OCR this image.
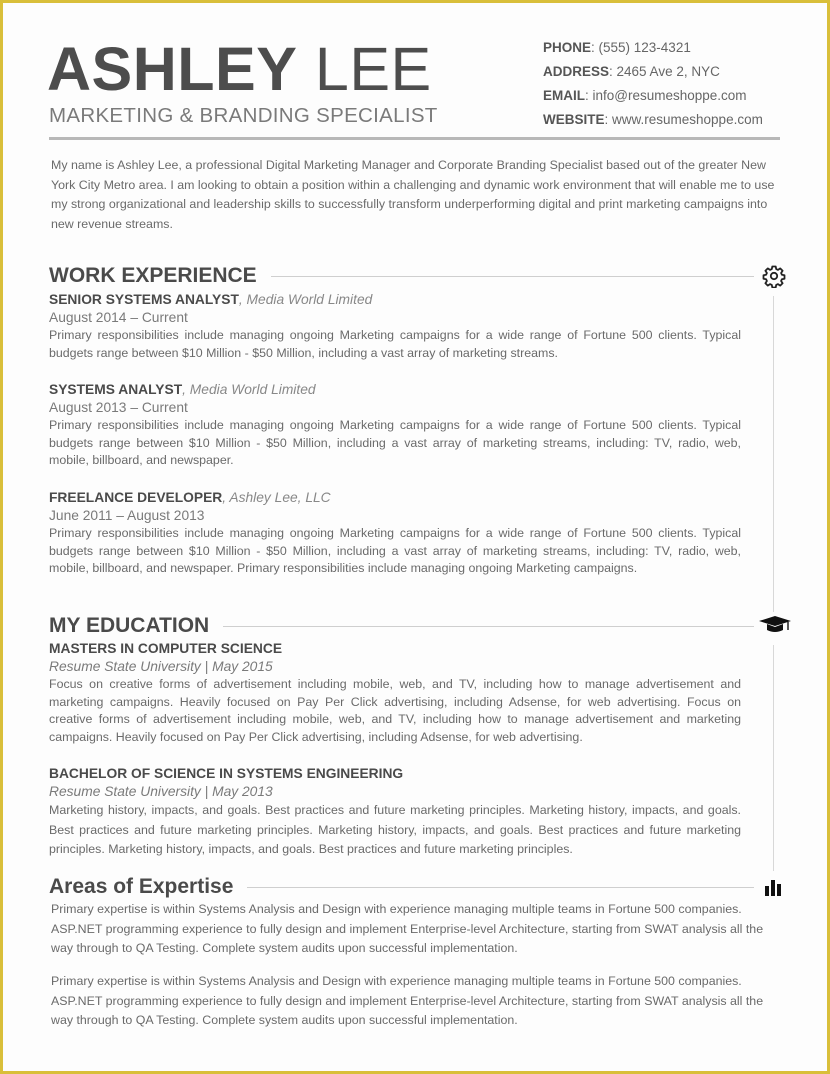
ASHLEY LEE
MARKETING & BRANDING SPECIALIST
PHONE: (555) 123-4321
ADDRESS: 2465 Ave 2, NYC
EMAIL: info@resumeshoppe.com
WEBSITE: www.resumeshoppe.com

My name is Ashley Lee, a professional Digital Marketing Manager and Corporate Branding Specialist based out of the greater New York City Metro area. I am looking to obtain a position within a challenging and dynamic work environment that will enable me to use my strong organizational and leadership skills to successfully transform underperforming digital and print marketing campaigns into new revenue streams.

WORK EXPERIENCE
SENIOR SYSTEMS ANALYST, Media World Limited
August 2014 – Current
Primary responsibilities include managing ongoing Marketing campaigns for a wide range of Fortune 500 clients. Typical budgets range between $10 Million - $50 Million, including a vast array of marketing streams.
SYSTEMS ANALYST, Media World Limited
August 2013 – Current
Primary responsibilities include managing ongoing Marketing campaigns for a wide range of Fortune 500 clients. Typical budgets range between $10 Million - $50 Million, including a vast array of marketing streams, including: TV, radio, web, mobile, billboard, and newspaper.
FREELANCE DEVELOPER, Ashley Lee, LLC
June 2011 – August 2013
Primary responsibilities include managing ongoing Marketing campaigns for a wide range of Fortune 500 clients. Typical budgets range between $10 Million - $50 Million, including a vast array of marketing streams, including: TV, radio, web, mobile, billboard, and newspaper. Primary responsibilities include managing ongoing Marketing campaigns.
MY EDUCATION
MASTERS IN COMPUTER SCIENCE
Resume State University | May 2015
Focus on creative forms of advertisement including mobile, web, and TV, including how to manage advertisement and marketing campaigns. Heavily focused on Pay Per Click advertising, including Adsense, for web advertising. Focus on creative forms of advertisement including mobile, web, and TV, including how to manage advertisement and marketing campaigns. Heavily focused on Pay Per Click advertising, including Adsense, for web advertising.
BACHELOR OF SCIENCE IN SYSTEMS ENGINEERING
Resume State University | May 2013
Marketing history, impacts, and goals. Best practices and future marketing principles. Marketing history, impacts, and goals. Best practices and future marketing principles. Marketing history, impacts, and goals. Best practices and future marketing principles. Marketing history, impacts, and goals. Best practices and future marketing principles.
Areas of Expertise

Primary expertise is within Systems Analysis and Design with experience managing multiple teams in Fortune 500 companies. ASP.NET programming experience to fully design and implement Enterprise-level Architecture, starting from SWAT analysis all the way through to QA Testing. Complete system audits upon successful implementation.

Primary expertise is within Systems Analysis and Design with experience managing multiple teams in Fortune 500 companies. ASP.NET programming experience to fully design and implement Enterprise-level Architecture, starting from SWAT analysis all the way through to QA Testing. Complete system audits upon successful implementation.
